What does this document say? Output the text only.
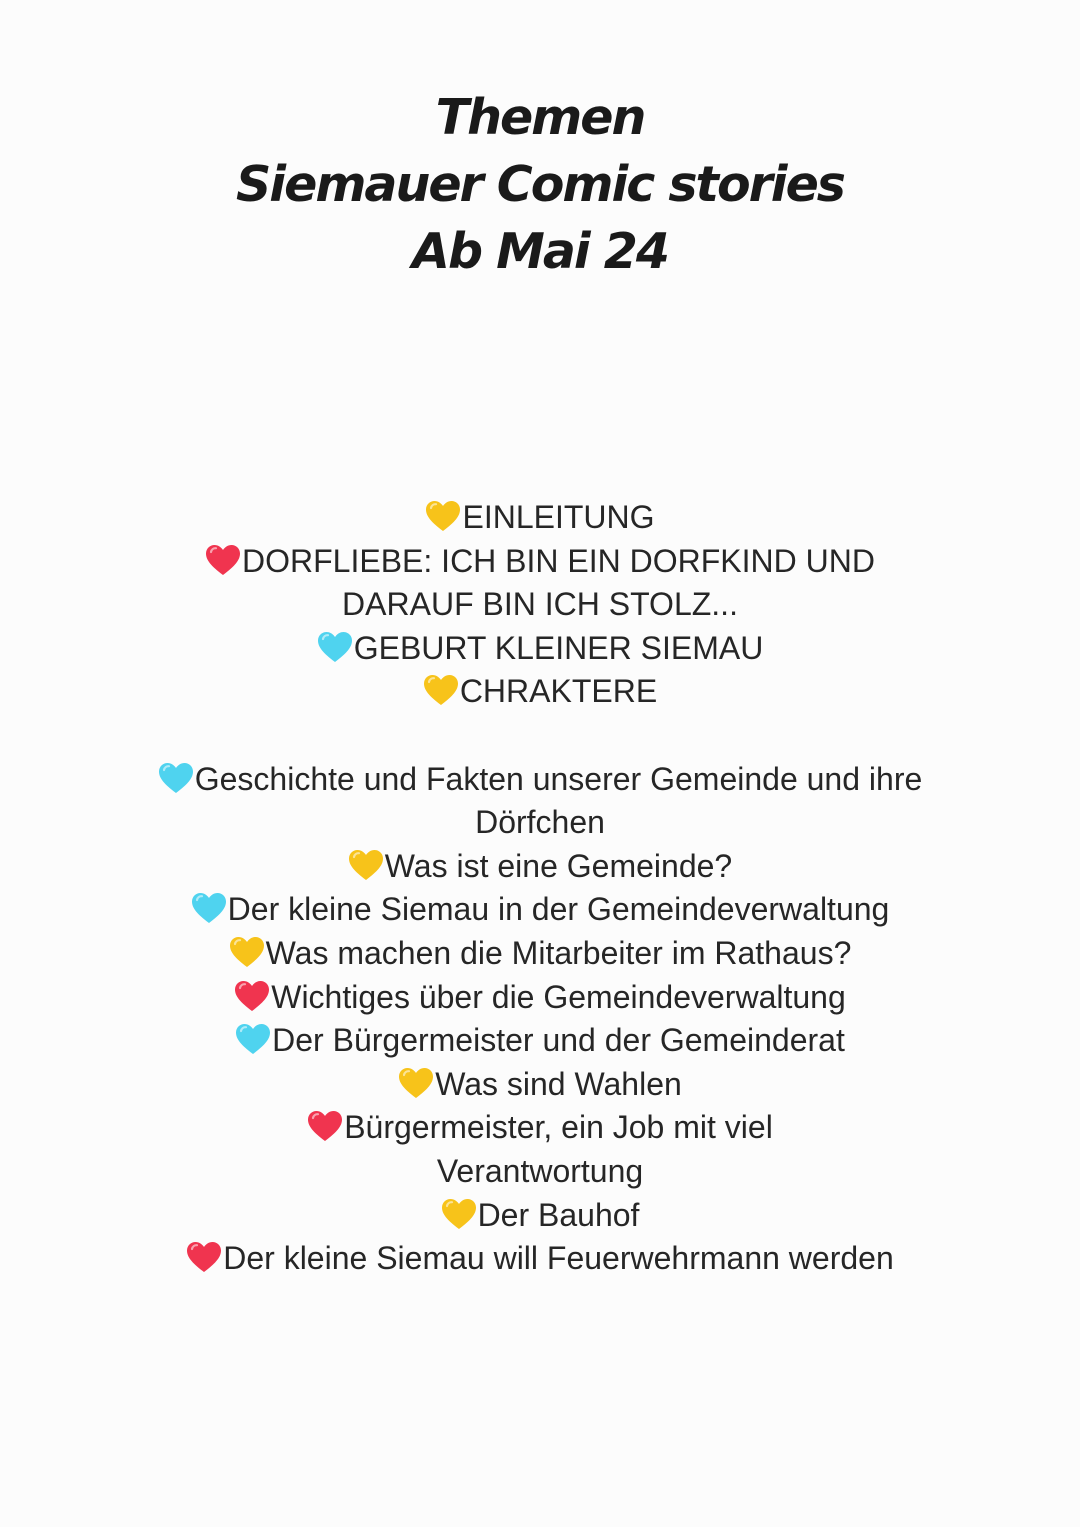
Themen
Siemauer Comic stories
Ab Mai 24
EINLEITUNG
DORFLIEBE: ICH BIN EIN DORFKIND UND DARAUF BIN ICH STOLZ...
GEBURT KLEINER SIEMAU
CHRAKTERE
Geschichte und Fakten unserer Gemeinde und ihre Dörfchen
Was ist eine Gemeinde?
Der kleine Siemau in der Gemeindeverwaltung
Was machen die Mitarbeiter im Rathaus?
Wichtiges über die Gemeindeverwaltung
Der Bürgermeister und der Gemeinderat
Was sind Wahlen
Bürgermeister, ein Job mit viel Verantwortung
Der Bauhof
Der kleine Siemau will Feuerwehrmann werden
